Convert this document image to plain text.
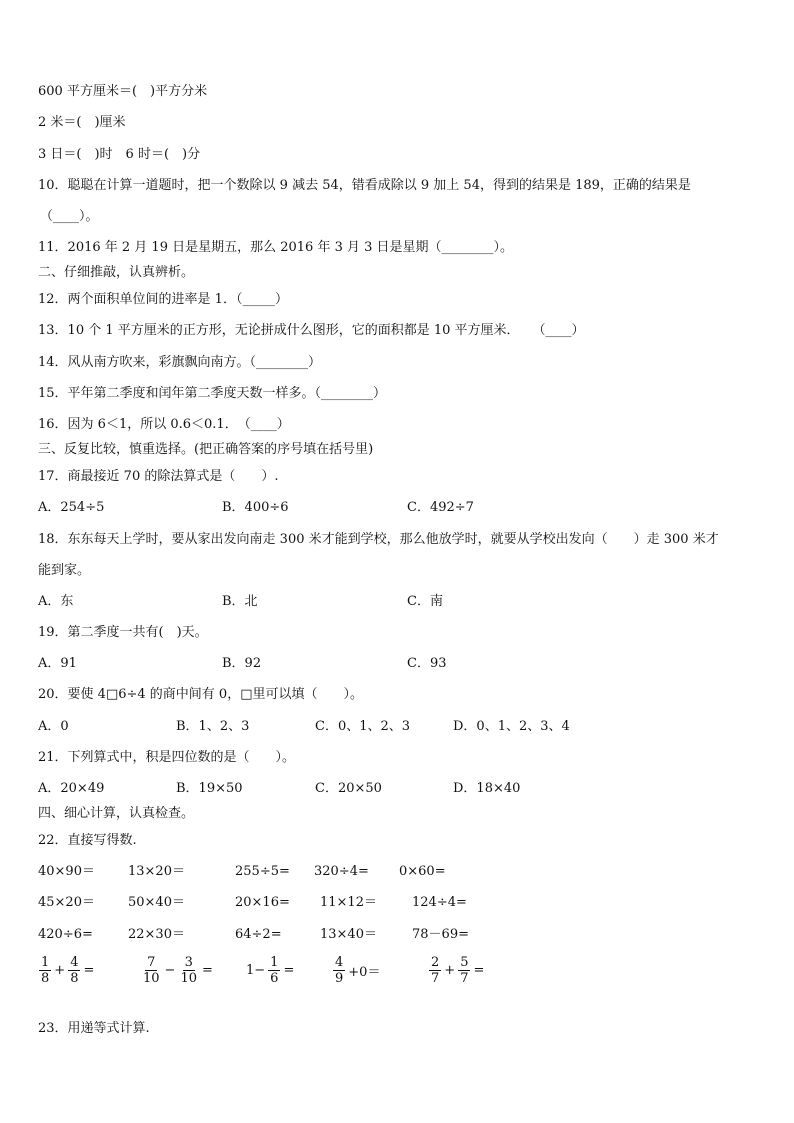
600 平方厘米＝(　)平方分米
2 米＝(　)厘米
3 日＝(　)时　6 时＝(　)分
10．聪聪在计算一道题时，把一个数除以 9 减去 54，错看成除以 9 加上 54，得到的结果是 189，正确的结果是
（____）。
11．2016 年 2 月 19 日是星期五，那么 2016 年 3 月 3 日是星期（________）。
二、仔细推敲，认真辨析。
12．两个面积单位间的进率是 1．（_____）
13．10 个 1 平方厘米的正方形，无论拼成什么图形，它的面积都是 10 平方厘米．　　（____）
14．风从南方吹来，彩旗飘向南方。（________）
15．平年第二季度和闰年第二季度天数一样多。（________）
16．因为 6＜1，所以 0.6＜0.1．　（____）
三、反复比较，慎重选择。(把正确答案的序号填在括号里)
17．商最接近 70 的除法算式是（　　）.
A．254÷5	B．400÷6	C．492÷7
18．东东每天上学时，要从家出发向南走 300 米才能到学校，那么他放学时，就要从学校出发向（　　）走 300 米才
能到家。
A．东	B．北	C．南
19．第二季度一共有(　)天。
A．91	B．92	C．93
20．要使 4□6÷4 的商中间有 0，□里可以填（　　）。
A．0	B．1、2、3	C．0、1、2、3	D．0、1、2、3、4
21．下列算式中，积是四位数的是（　　）。
A．20×49	B．19×50	C．20×50	D．18×40
四、细心计算，认真检查。
22．直接写得数.
40×90＝	13×20＝	255÷5= 320÷4= 0×60=
45×20＝	50×40＝	20×16= 11×12＝	124÷4=
420÷6=	22×30＝	64÷2=	13×40＝	78－69=
$\frac{1}{8} + \frac{4}{8}$ =	$\frac{7}{10} - \frac{3}{10}$ =	$1- \frac{1}{6}$ =	$\frac{4}{9} +0=$	$\frac{2}{7} + \frac{5}{7}$ =
23．用递等式计算.
